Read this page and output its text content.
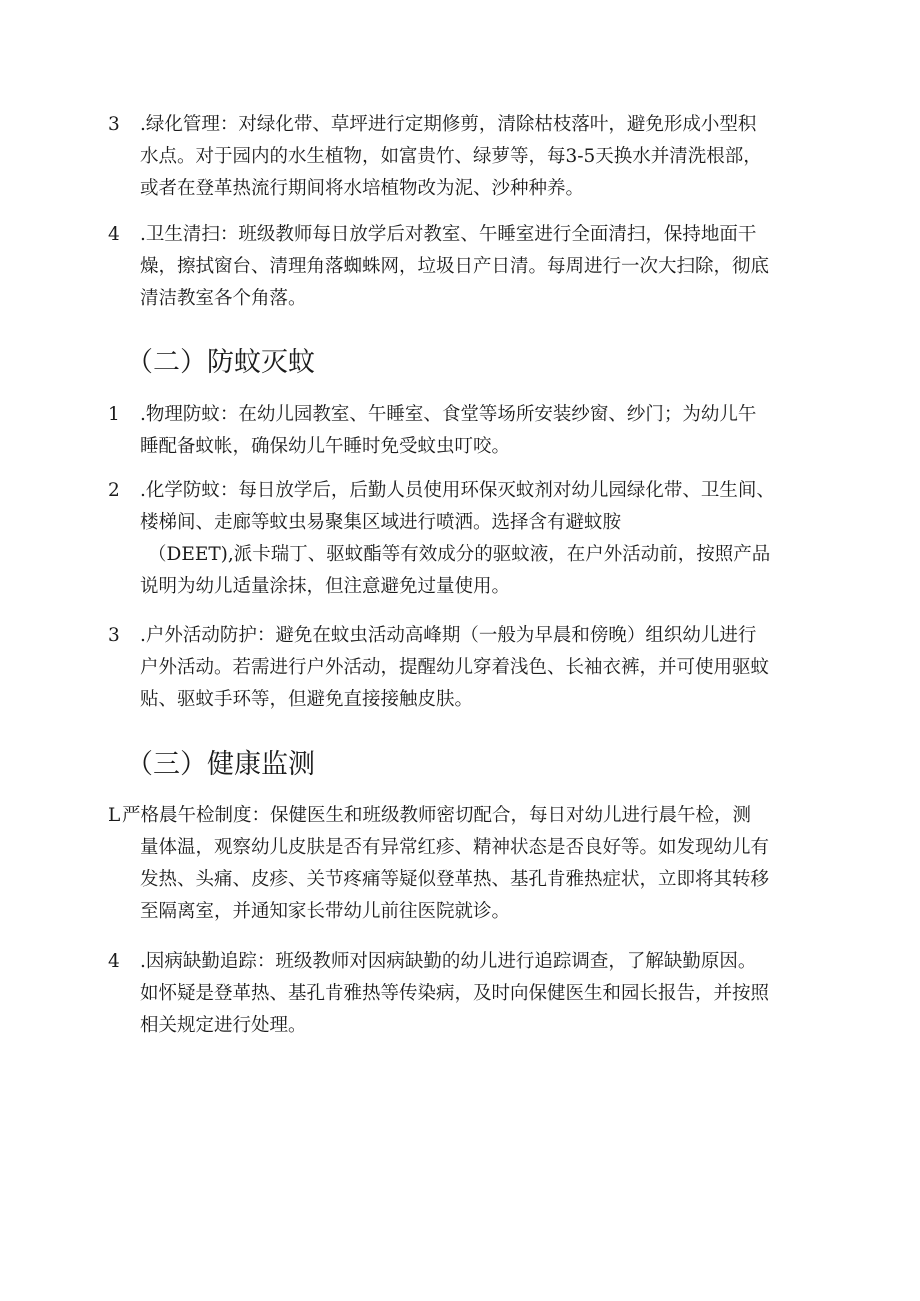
3	.绿化管理：对绿化带、草坪进行定期修剪，清除枯枝落叶，避免形成小型积
水点。对于园内的水生植物，如富贵竹、绿萝等，每3-5天换水并清洗根部，
或者在登革热流行期间将水培植物改为泥、沙种种养。
4	.卫生清扫：班级教师每日放学后对教室、午睡室进行全面清扫，保持地面干
燥，擦拭窗台、清理角落蜘蛛网，垃圾日产日清。每周进行一次大扫除，彻底
清洁教室各个角落。
（二）防蚊灭蚊
1	.物理防蚊：在幼儿园教室、午睡室、食堂等场所安装纱窗、纱门；为幼儿午
睡配备蚊帐，确保幼儿午睡时免受蚊虫叮咬。
2	.化学防蚊：每日放学后，后勤人员使用环保灭蚊剂对幼儿园绿化带、卫生间、
楼梯间、走廊等蚊虫易聚集区域进行喷洒。选择含有避蚊胺
（DEET),派卡瑞丁、驱蚊酯等有效成分的驱蚊液，在户外活动前，按照产品
说明为幼儿适量涂抹，但注意避免过量使用。
3	.户外活动防护：避免在蚊虫活动高峰期（一般为早晨和傍晚）组织幼儿进行
户外活动。若需进行户外活动，提醒幼儿穿着浅色、长袖衣裤，并可使用驱蚊
贴、驱蚊手环等，但避免直接接触皮肤。
（三）健康监测
L 严格晨午检制度：保健医生和班级教师密切配合，每日对幼儿进行晨午检，测
量体温，观察幼儿皮肤是否有异常红疹、精神状态是否良好等。如发现幼儿有
发热、头痛、皮疹、关节疼痛等疑似登革热、基孔肯雅热症状，立即将其转移
至隔离室，并通知家长带幼儿前往医院就诊。
4	.因病缺勤追踪：班级教师对因病缺勤的幼儿进行追踪调查，了解缺勤原因。
如怀疑是登革热、基孔肯雅热等传染病，及时向保健医生和园长报告，并按照
相关规定进行处理。
